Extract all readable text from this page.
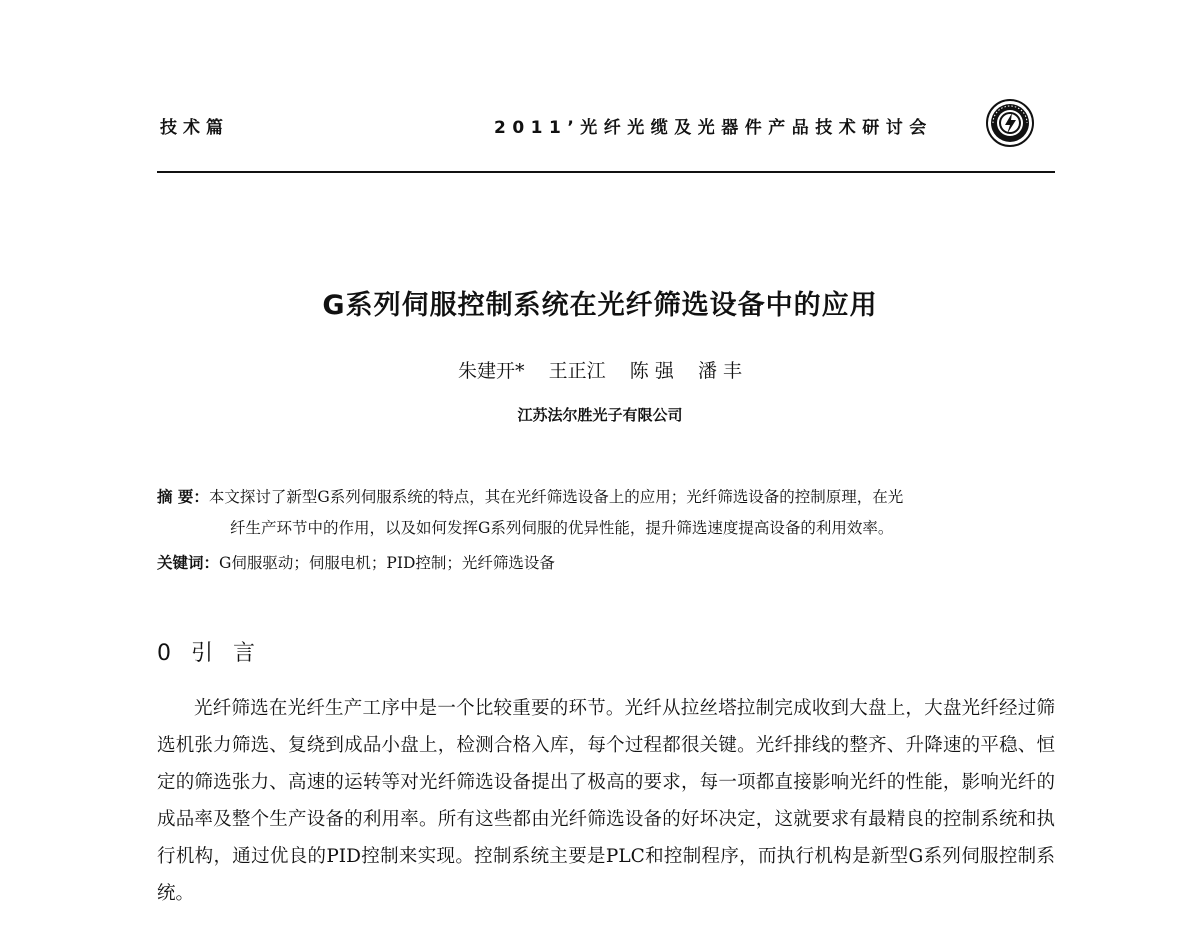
技术篇	2011’光纤光缆及光器件产品技术研讨会
G系列伺服控制系统在光纤筛选设备中的应用
朱建开*    王正江    陈 强    潘 丰
江苏法尔胜光子有限公司
摘 要：本文探讨了新型G系列伺服系统的特点，其在光纤筛选设备上的应用；光纤筛选设备的控制原理，在光
纤生产环节中的作用，以及如何发挥G系列伺服的优异性能，提升筛选速度提高设备的利用效率。
关键词：G伺服驱动；伺服电机；PID控制；光纤筛选设备
0  引  言

光纤筛选在光纤生产工序中是一个比较重要的环节。光纤从拉丝塔拉制完成收到大盘上，大盘光纤经过筛选机张力筛选、复绕到成品小盘上，检测合格入库，每个过程都很关键。光纤排线的整齐、升降速的平稳、恒定的筛选张力、高速的运转等对光纤筛选设备提出了极高的要求，每一项都直接影响光纤的性能，影响光纤的成品率及整个生产设备的利用率。所有这些都由光纤筛选设备的好坏决定，这就要求有最精良的控制系统和执行机构，通过优良的PID控制来实现。控制系统主要是PLC和控制程序，而执行机构是新型G系列伺服控制系统。
